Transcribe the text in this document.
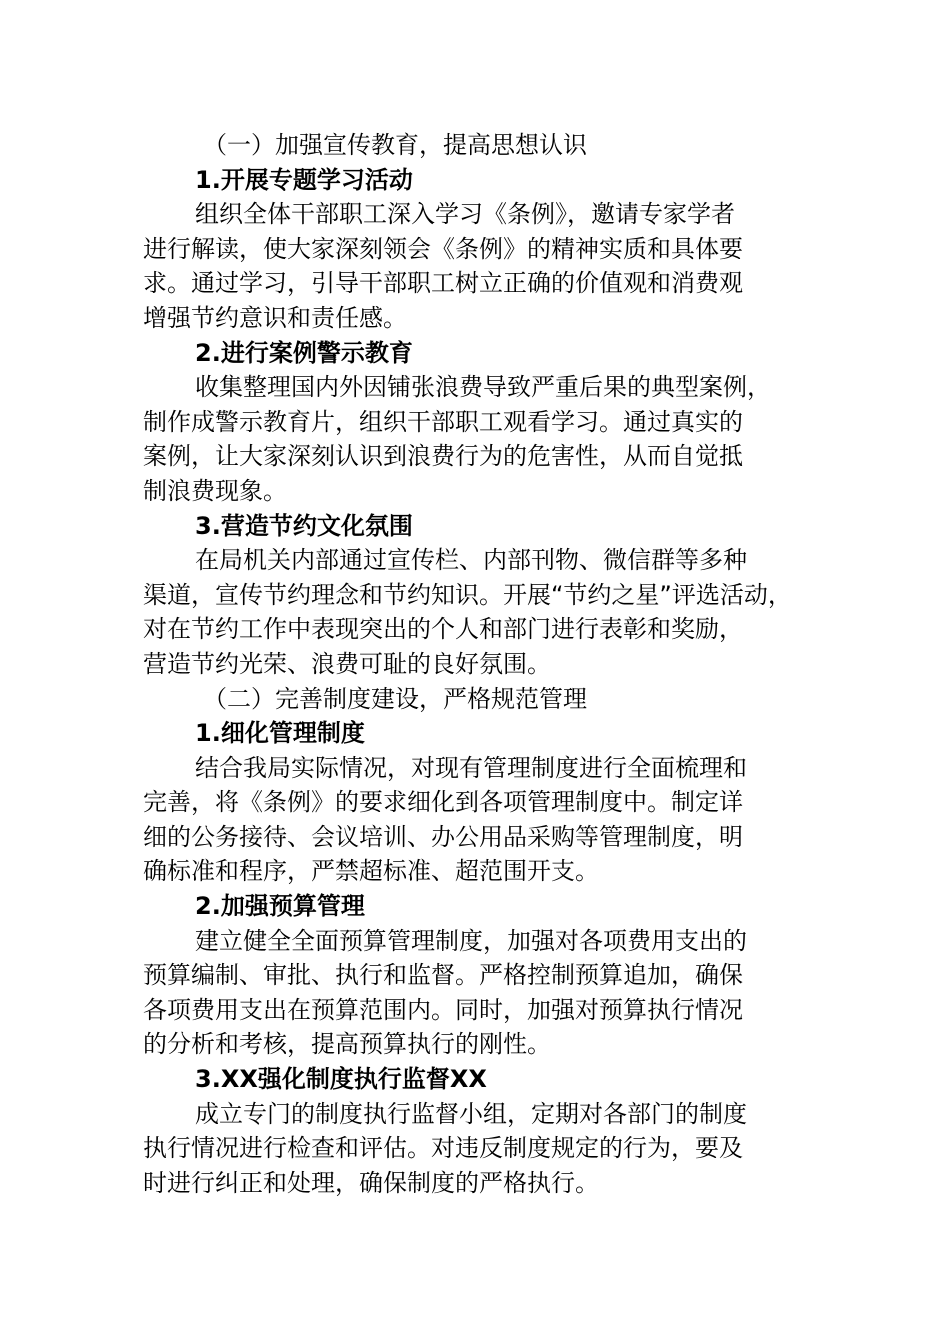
（一）加强宣传教育，提高思想认识
1.开展专题学习活动
组织全体干部职工深入学习《条例》，邀请专家学者
进行解读，使大家深刻领会《条例》的精神实质和具体要
求。通过学习，引导干部职工树立正确的价值观和消费观
增强节约意识和责任感。
2.进行案例警示教育
收集整理国内外因铺张浪费导致严重后果的典型案例，
制作成警示教育片，组织干部职工观看学习。通过真实的
案例，让大家深刻认识到浪费行为的危害性，从而自觉抵
制浪费现象。
3.营造节约文化氛围
在局机关内部通过宣传栏、内部刊物、微信群等多种
渠道，宣传节约理念和节约知识。开展“节约之星”评选活动，
对在节约工作中表现突出的个人和部门进行表彰和奖励，
营造节约光荣、浪费可耻的良好氛围。
（二）完善制度建设，严格规范管理
1.细化管理制度
结合我局实际情况，对现有管理制度进行全面梳理和
完善，将《条例》的要求细化到各项管理制度中。制定详
细的公务接待、会议培训、办公用品采购等管理制度，明
确标准和程序，严禁超标准、超范围开支。
2.加强预算管理
建立健全全面预算管理制度，加强对各项费用支出的
预算编制、审批、执行和监督。严格控制预算追加，确保
各项费用支出在预算范围内。同时，加强对预算执行情况
的分析和考核，提高预算执行的刚性。
3.XX强化制度执行监督XX
成立专门的制度执行监督小组，定期对各部门的制度
执行情况进行检查和评估。对违反制度规定的行为，要及
时进行纠正和处理，确保制度的严格执行。
